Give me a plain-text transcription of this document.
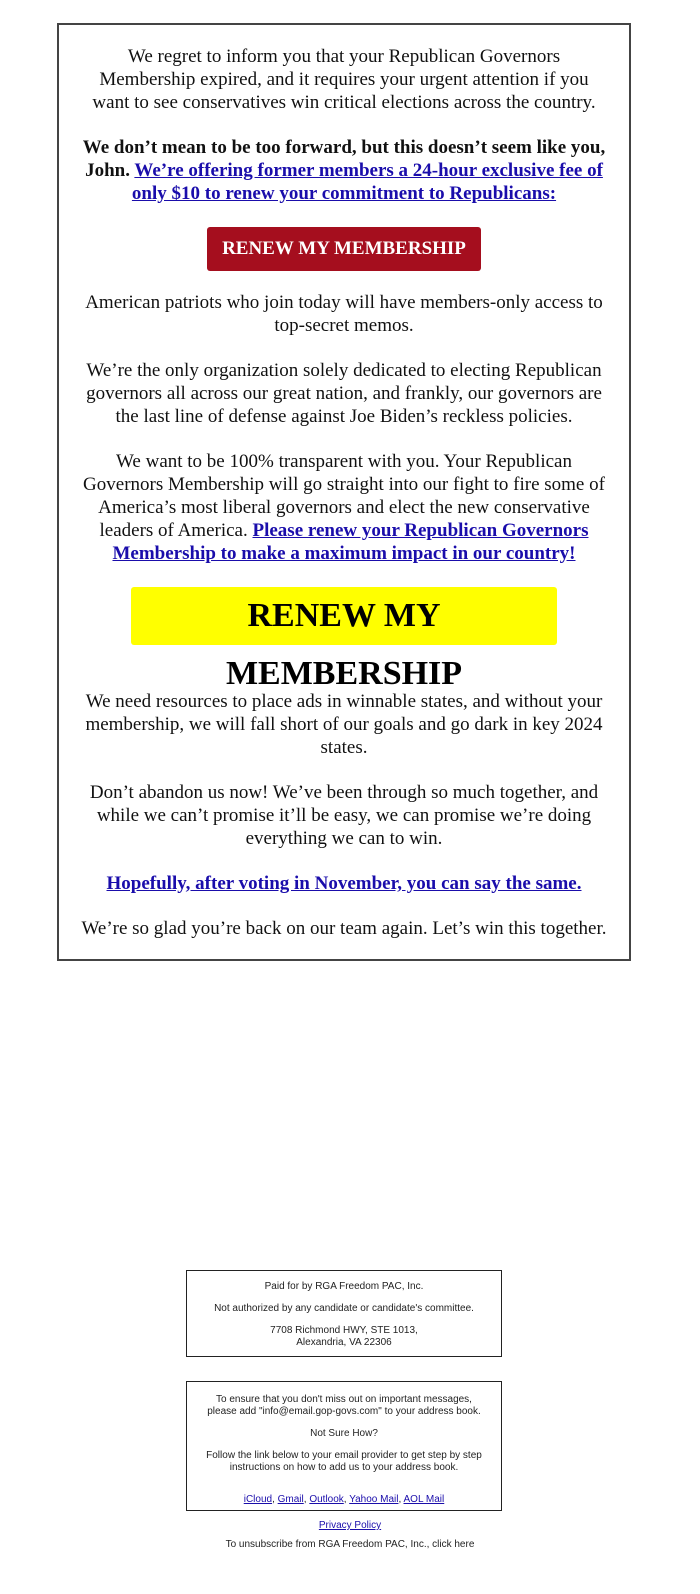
We regret to inform you that your Republican Governors Membership expired, and it requires your urgent attention if you want to see conservatives win critical elections across the country.

We don’t mean to be too forward, but this doesn’t seem like you, John. We’re offering former members a 24-hour exclusive fee of only $10 to renew your commitment to Republicans:

RENEW MY MEMBERSHIP

American patriots who join today will have members-only access to top-secret memos.

We’re the only organization solely dedicated to electing Republican governors all across our great nation, and frankly, our governors are the last line of defense against Joe Biden’s reckless policies.

We want to be 100% transparent with you. Your Republican Governors Membership will go straight into our fight to fire some of America’s most liberal governors and elect the new conservative leaders of America. Please renew your Republican Governors Membership to make a maximum impact in our country!

RENEW MY MEMBERSHIP

We need resources to place ads in winnable states, and without your membership, we will fall short of our goals and go dark in key 2024 states.

Don’t abandon us now! We’ve been through so much together, and while we can’t promise it’ll be easy, we can promise we’re doing everything we can to win.

Hopefully, after voting in November, you can say the same.

We’re so glad you’re back on our team again. Let’s win this together.

Paid for by RGA Freedom PAC, Inc.

Not authorized by any candidate or candidate's committee.

7708 Richmond HWY, STE 1013,
Alexandria, VA 22306

To ensure that you don't miss out on important messages, please add "info@email.gop-govs.com" to your address book.

Not Sure How?

Follow the link below to your email provider to get step by step instructions on how to add us to your address book.

iCloud, Gmail, Outlook, Yahoo Mail, AOL Mail

Privacy Policy
To unsubscribe from RGA Freedom PAC, Inc., click here
